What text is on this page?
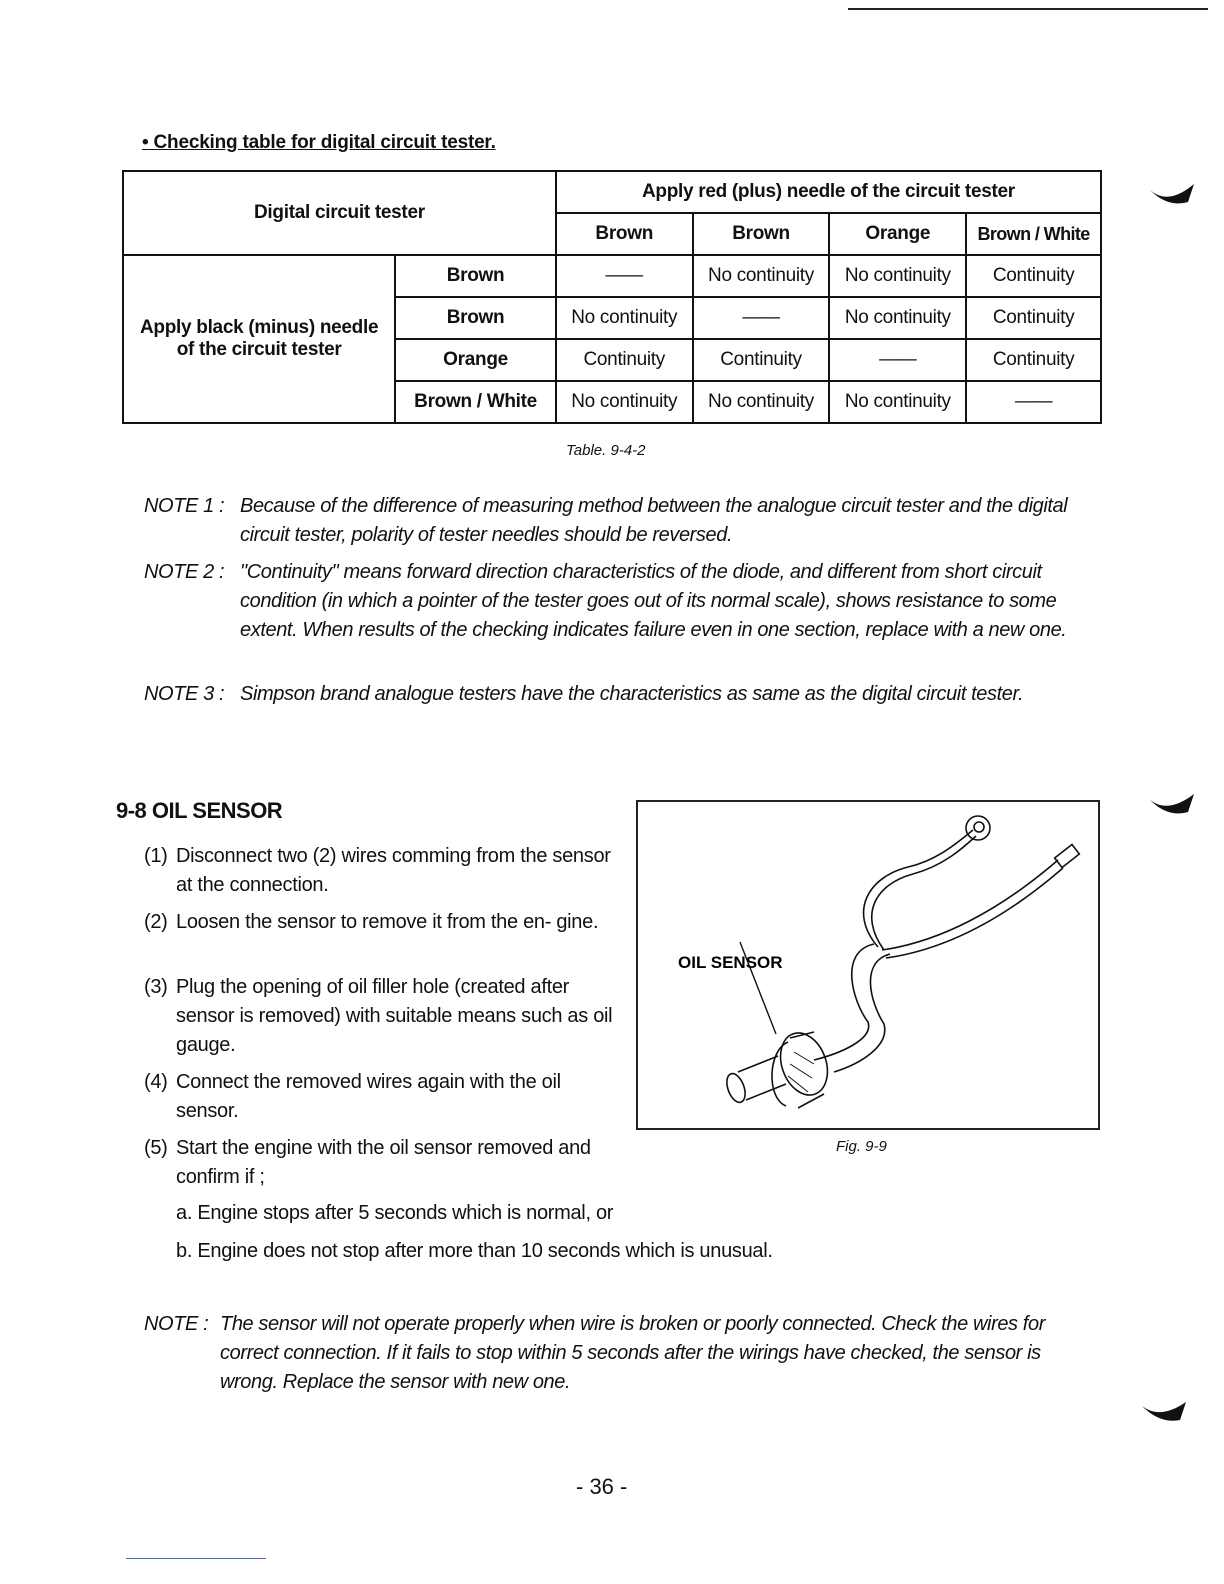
• Checking table for digital circuit tester.
Digital circuit tester		Apply red (plus) needle of the circuit tester			
		Brown	Brown	Orange	Brown / White
Apply black (minus) needle of the circuit tester	Brown	——	No continuity	No continuity	Continuity
	Brown	No continuity	——	No continuity	Continuity
	Orange	Continuity	Continuity	——	Continuity
	Brown / White	No continuity	No continuity	No continuity	——
Table. 9-4-2
NOTE 1 : Because of the difference of measuring method between the analogue circuit tester and the digital circuit tester, polarity of tester needles should be reversed.
NOTE 2 : "Continuity" means forward direction characteristics of the diode, and different from short circuit condition (in which a pointer of the tester goes out of its normal scale), shows resistance to some extent. When results of the checking indicates failure even in one section, replace with a new one.
NOTE 3 : Simpson brand analogue testers have the characteristics as same as the digital circuit tester.
9-8 OIL SENSOR
(1) Disconnect two (2) wires comming from the sensor at the connection.
(2) Loosen the sensor to remove it from the en- gine.
(3) Plug the opening of oil filler hole (created after sensor is removed) with suitable means such as oil gauge.
(4) Connect the removed wires again with the oil sensor.
(5) Start the engine with the oil sensor removed and confirm if ;
a. Engine stops after 5 seconds which is normal, or
b. Engine does not stop after more than 10 seconds which is unusual.
OIL SENSOR
Fig. 9-9
NOTE : The sensor will not operate properly when wire is broken or poorly connected. Check the wires for correct connection. If it fails to stop within 5 seconds after the wirings have checked, the sensor is wrong. Replace the sensor with new one.
- 36 -
